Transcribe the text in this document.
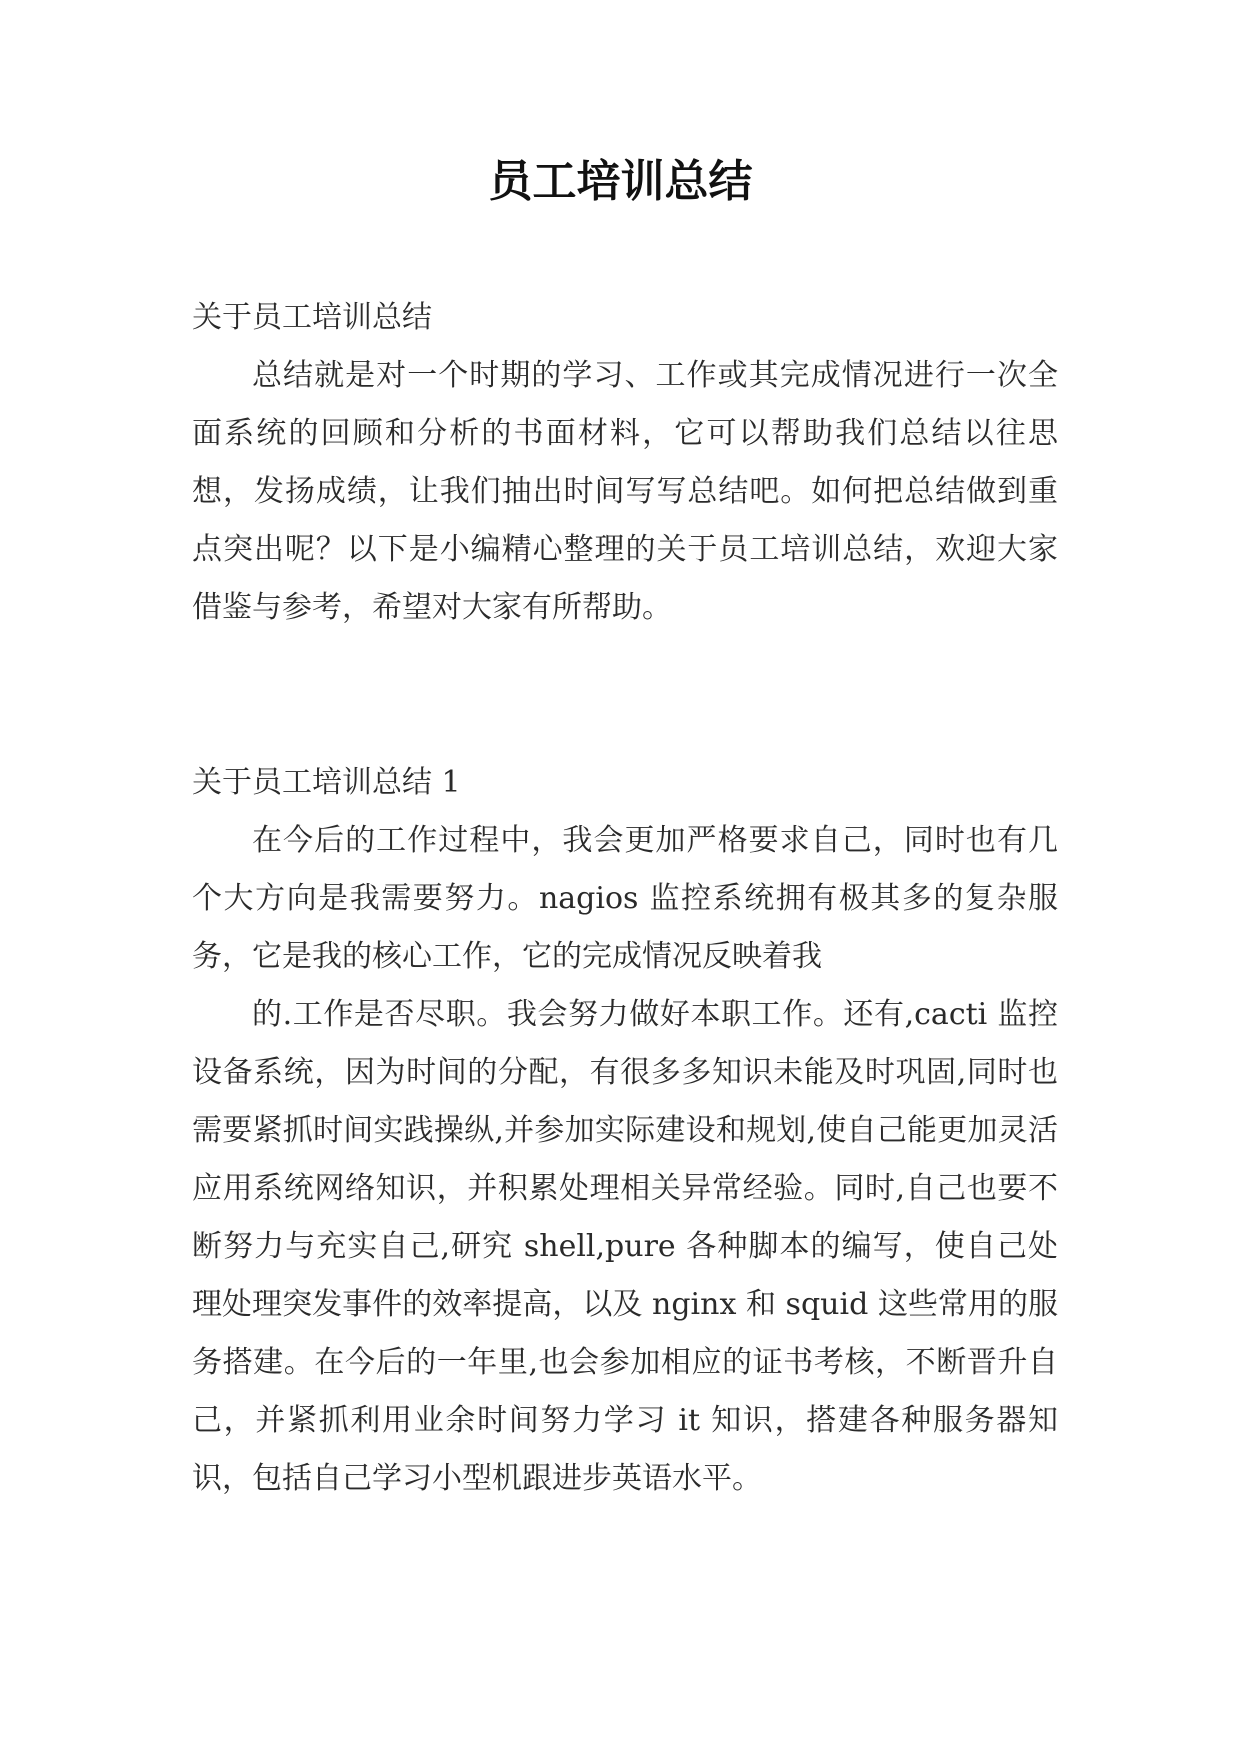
员工培训总结
关于员工培训总结

总结就是对一个时期的学习、工作或其完成情况进行一次全面系统的回顾和分析的书面材料，它可以帮助我们总结以往思想，发扬成绩，让我们抽出时间写写总结吧。如何把总结做到重点突出呢？以下是小编精心整理的关于员工培训总结，欢迎大家借鉴与参考，希望对大家有所帮助。

关于员工培训总结 1

在今后的工作过程中，我会更加严格要求自己，同时也有几个大方向是我需要努力。nagios 监控系统拥有极其多的复杂服务，它是我的核心工作，它的完成情况反映着我

的.工作是否尽职。我会努力做好本职工作。还有,cacti 监控设备系统，因为时间的分配，有很多多知识未能及时巩固,同时也需要紧抓时间实践操纵,并参加实际建设和规划,使自己能更加灵活应用系统网络知识，并积累处理相关异常经验。同时,自己也要不断努力与充实自己,研究 shell,pure 各种脚本的编写，使自己处理处理突发事件的效率提高，以及 nginx 和 squid 这些常用的服务搭建。在今后的一年里,也会参加相应的证书考核，不断晋升自己，并紧抓利用业余时间努力学习 it 知识，搭建各种服务器知识，包括自己学习小型机跟进步英语水平。
